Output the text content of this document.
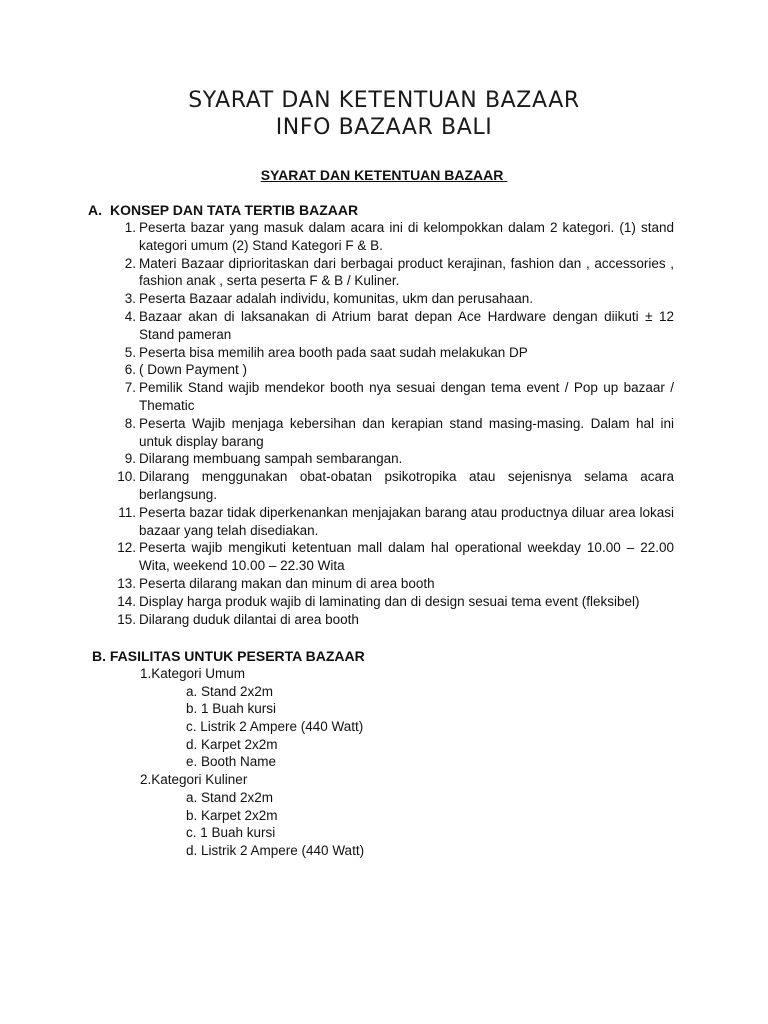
SYARAT DAN KETENTUAN BAZAAR
INFO BAZAAR BALI

SYARAT DAN KETENTUAN BAZAAR

A. KONSEP DAN TATA TERTIB BAZAAR

1. Peserta bazar yang masuk dalam acara ini di kelompokkan dalam 2 kategori. (1) stand kategori umum (2) Stand Kategori F & B.
2. Materi Bazaar diprioritaskan dari berbagai product kerajinan, fashion dan , accessories , fashion anak , serta peserta F & B / Kuliner.
3. Peserta Bazaar adalah individu, komunitas, ukm dan perusahaan.
4. Bazaar akan di laksanakan di Atrium barat depan Ace Hardware dengan diikuti ± 12 Stand pameran
5. Peserta bisa memilih area booth pada saat sudah melakukan DP
6. ( Down Payment )
7. Pemilik Stand wajib mendekor booth nya sesuai dengan tema event / Pop up bazaar / Thematic
8. Peserta Wajib menjaga kebersihan dan kerapian stand masing-masing. Dalam hal ini untuk display barang
9. Dilarang membuang sampah sembarangan.
10. Dilarang menggunakan obat-obatan psikotropika atau sejenisnya selama acara berlangsung.
11. Peserta bazar tidak diperkenankan menjajakan barang atau productnya diluar area lokasi bazaar yang telah disediakan.
12. Peserta wajib mengikuti ketentuan mall dalam hal operational weekday 10.00 – 22.00 Wita, weekend 10.00 – 22.30 Wita
13. Peserta dilarang makan dan minum di area booth
14. Display harga produk wajib di laminating dan di design sesuai tema event (fleksibel)
15. Dilarang duduk dilantai di area booth

B. FASILITAS UNTUK PESERTA BAZAAR

1.Kategori Umum
a. Stand 2x2m
b. 1 Buah kursi
c. Listrik 2 Ampere (440 Watt)
d. Karpet 2x2m
e. Booth Name
2.Kategori Kuliner
a. Stand 2x2m
b. Karpet 2x2m
c. 1 Buah kursi
d. Listrik 2 Ampere (440 Watt)
